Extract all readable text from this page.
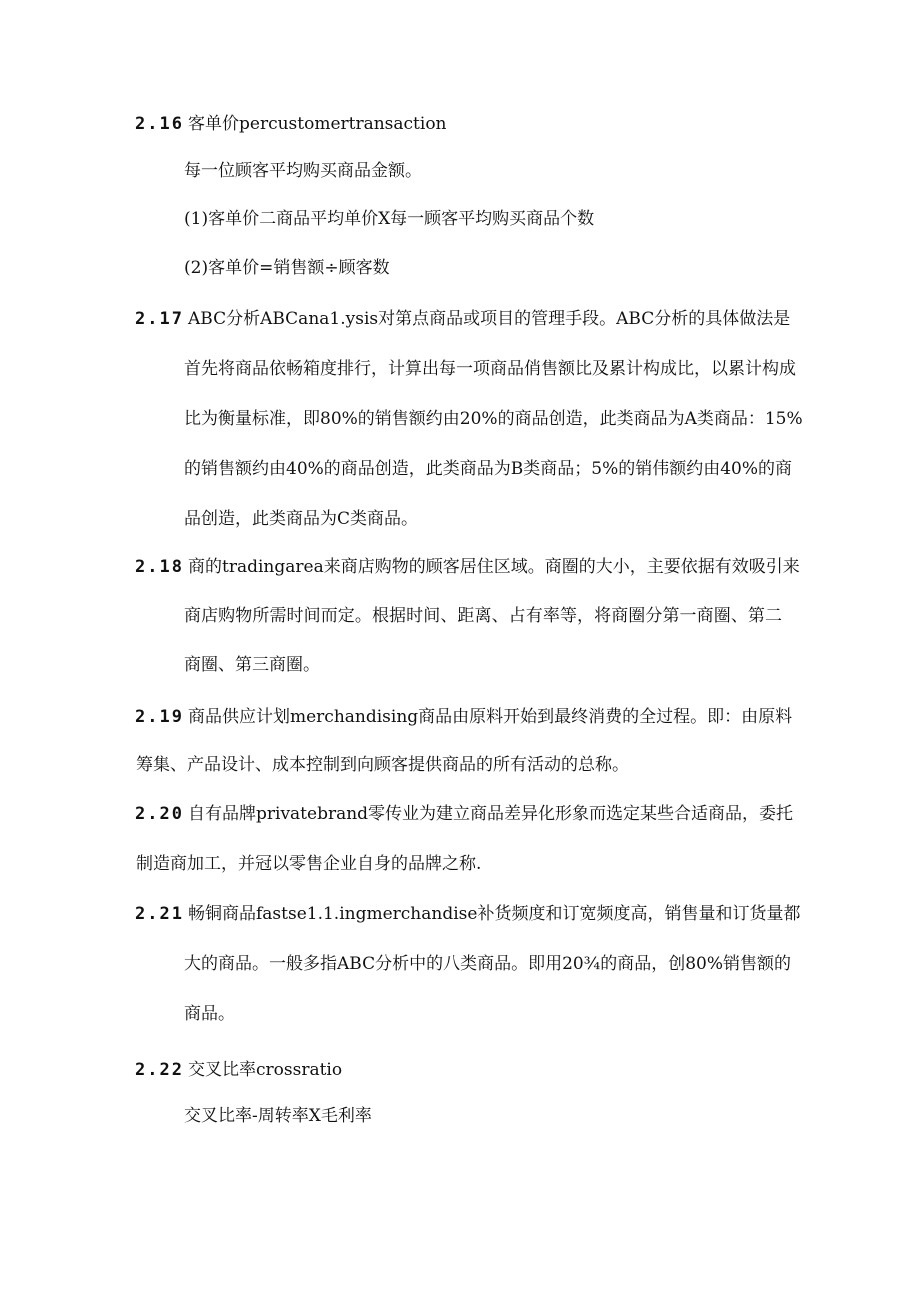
2.16 客单价percustomertransaction
每一位顾客平均购买商品金额。
(1)客单价二商品平均单价X每一顾客平均购买商品个数
(2)客单价=销售额÷顾客数
2.17 ABC分析ABCana1.ysis对第点商品或项目的管理手段。ABC分析的具体做法是
首先将商品依畅箱度排行，计算出每一项商品俏售额比及累计构成比，以累计构成
比为衡量标准，即80%的销售额约由20%的商品创造，此类商品为A类商品：15%
的销售额约由40%的商品创造，此类商品为B类商品；5%的销伟额约由40%的商
品创造，此类商品为C类商品。
2.18 商的tradingarea来商店购物的顾客居住区域。商圈的大小，主要依据有效吸引来
商店购物所需时间而定。根据时间、距离、占有率等，将商圈分第一商圈、第二
商圈、第三商圈。
2.19 商品供应计划merchandising商品由原料开始到最终消费的全过程。即：由原料
筹集、产品设计、成本控制到向顾客提供商品的所有活动的总称。
2.20 自有品牌privatebrand零传业为建立商品差异化形象而选定某些合适商品，委托
制造商加工，并冠以零售企业自身的品牌之称.
2.21 畅铜商品fastse1.1.ingmerchandise补货频度和订宽频度高，销售量和订货量都
大的商品。一般多指ABC分析中的八类商品。即用20¾的商品，创80%销售额的
商品。
2.22 交叉比率crossratio
交叉比率-周转率X毛利率
